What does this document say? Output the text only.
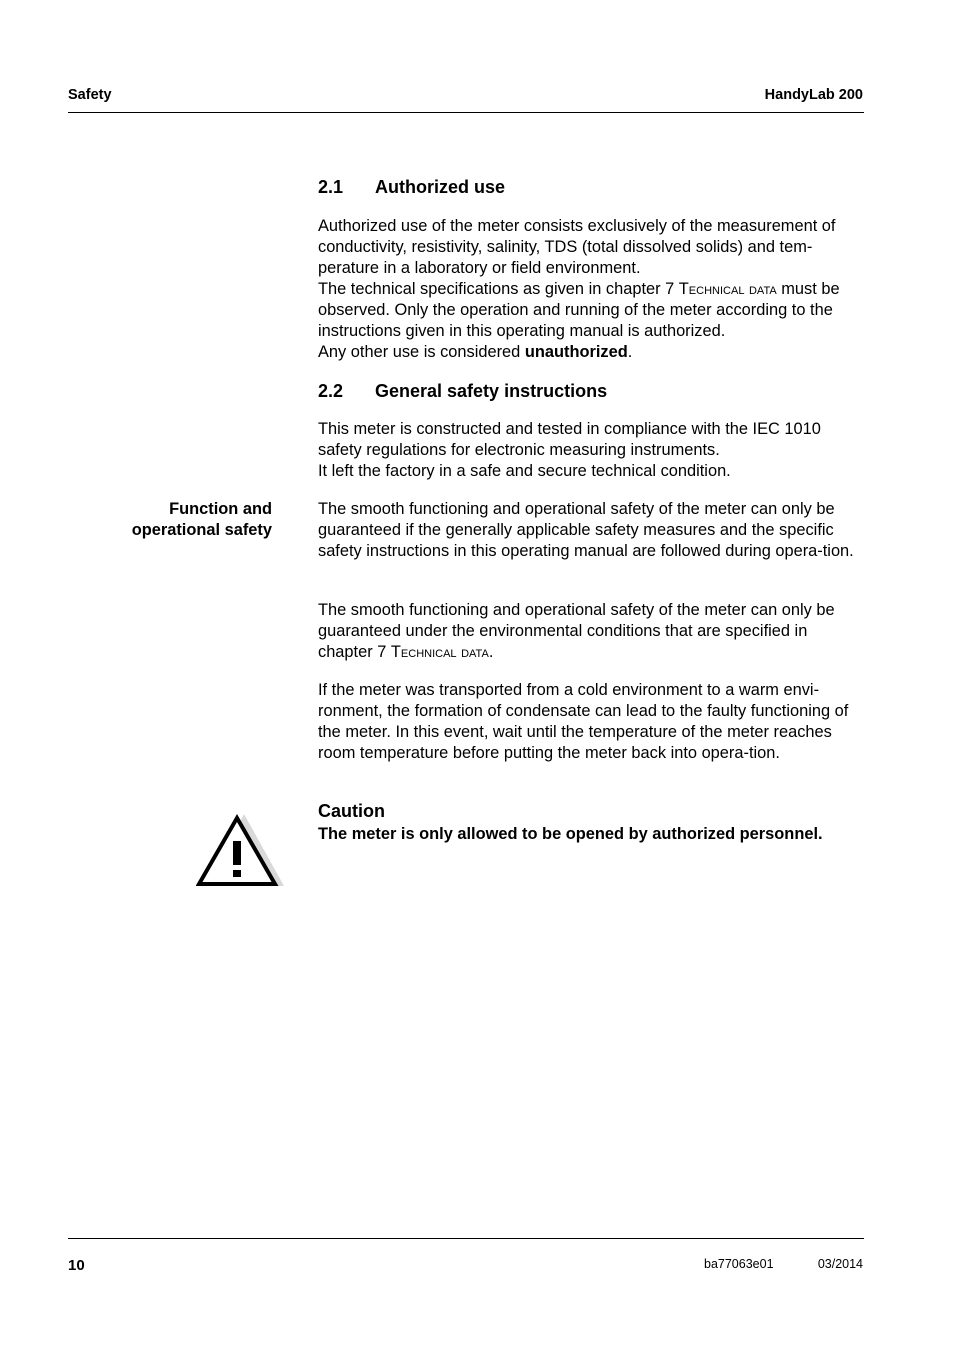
Safety	HandyLab 200
2.1	Authorized use

Authorized use of the meter consists exclusively of the measurement of conductivity, resistivity, salinity, TDS (total dissolved solids) and tem-perature in a laboratory or field environment.
The technical specifications as given in chapter 7 Technical data must be observed. Only the operation and running of the meter according to the instructions given in this operating manual is authorized.
Any other use is considered unauthorized.

2.2	General safety instructions

This meter is constructed and tested in compliance with the IEC 1010 safety regulations for electronic measuring instruments.
It left the factory in a safe and secure technical condition.

Function and
operational safety

The smooth functioning and operational safety of the meter can only be guaranteed if the generally applicable safety measures and the specific safety instructions in this operating manual are followed during opera-tion.

The smooth functioning and operational safety of the meter can only be guaranteed under the environmental conditions that are specified in chapter 7 Technical data.

If the meter was transported from a cold environment to a warm envi-ronment, the formation of condensate can lead to the faulty functioning of the meter. In this event, wait until the temperature of the meter reaches room temperature before putting the meter back into opera-tion.

Caution
The meter is only allowed to be opened by authorized personnel.
10	ba77063e01	03/2014
